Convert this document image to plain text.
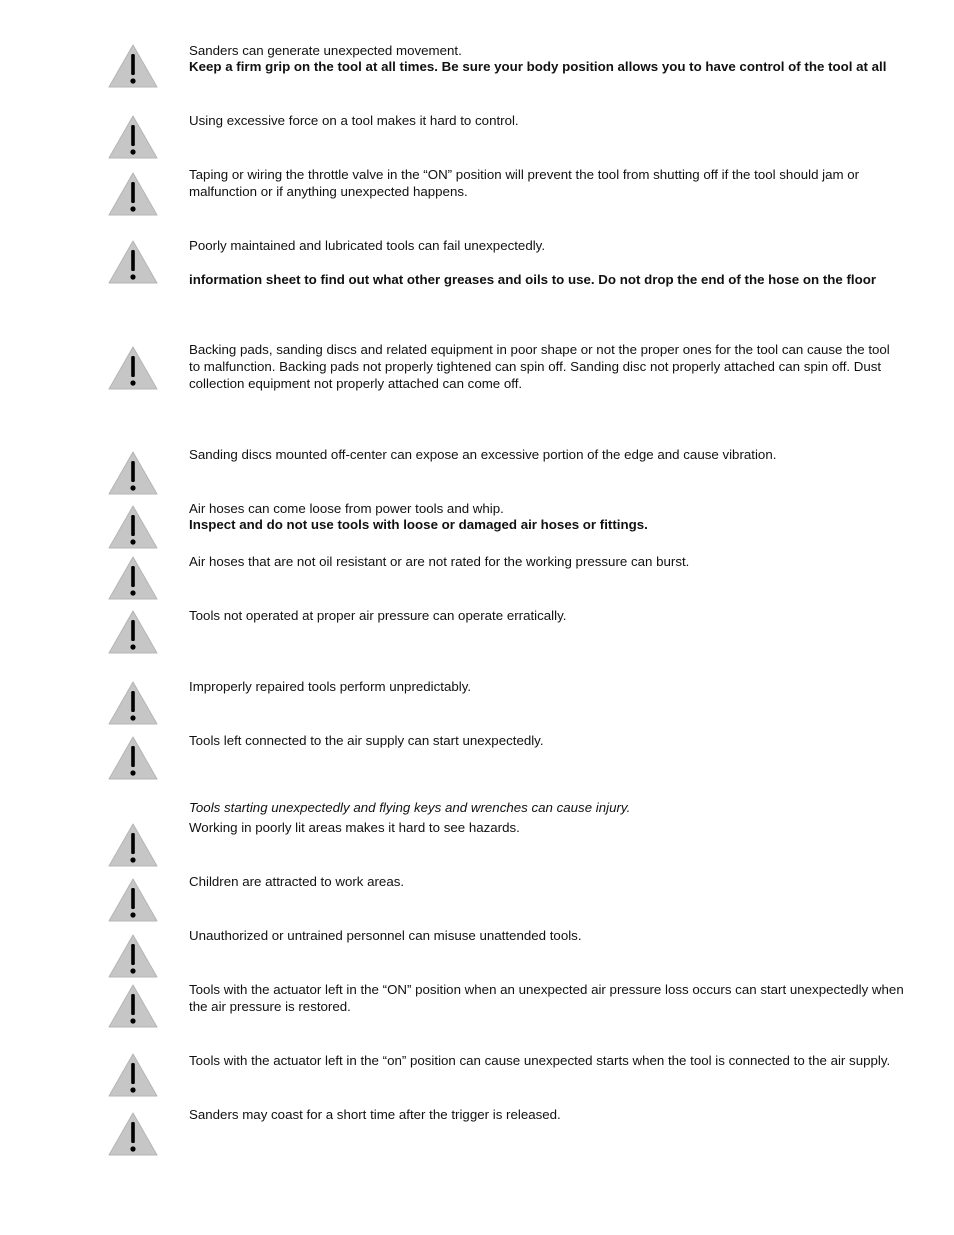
Sanders can generate unexpected movement.
Keep a firm grip on the tool at all times. Be sure your body position allows you to have control of the tool at all
Using excessive force on a tool makes it hard to control.
Taping or wiring the throttle valve in the “ON” position will prevent the tool from shutting off if the tool should jam or malfunction or if anything unexpected happens.
Poorly maintained and lubricated tools can fail unexpectedly.
information sheet to find out what other greases and oils to use. Do not drop the end of the hose on the floor
Backing pads, sanding discs and related equipment in poor shape or not the proper ones for the tool can cause the tool to malfunction. Backing pads not properly tightened can spin off. Sanding disc not properly attached can spin off. Dust collection equipment not properly attached can come off.
Sanding discs mounted off-center can expose an excessive portion of the edge and cause vibration.
Air hoses can come loose from power tools and whip.
Inspect and do not use tools with loose or damaged air hoses or fittings.
Air hoses that are not oil resistant or are not rated for the working pressure can burst.
Tools not operated at proper air pressure can operate erratically.
Improperly repaired tools perform unpredictably.
Tools left connected to the air supply can start unexpectedly.
Tools starting unexpectedly and flying keys and wrenches can cause injury.
Working in poorly lit areas makes it hard to see hazards.
Children are attracted to work areas.
Unauthorized or untrained personnel can misuse unattended tools.
Tools with the actuator left in the “ON” position when an unexpected air pressure loss occurs can start unexpectedly when the air pressure is restored.
Tools with the actuator left in the “on” position can cause unexpected starts when the tool is connected to the air supply.
Sanders may coast for a short time after the trigger is released.
